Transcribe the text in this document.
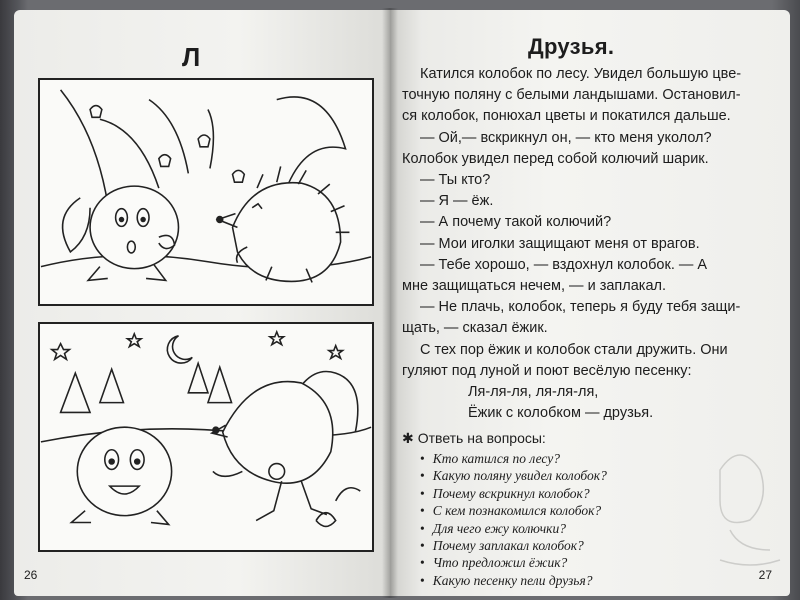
Л
26
Друзья.

Катился колобок по лесу. Увидел большую цве-

точную поляну с белыми ландышами. Остановил-

ся колобок, понюхал цветы и покатился дальше.

— Ой,— вскрикнул он, — кто меня уколол?

Колобок увидел перед собой колючий шарик.

— Ты кто?

— Я — ёж.

— А почему такой колючий?

— Мои иголки защищают меня от врагов.

— Тебе хорошо, — вздохнул колобок. — А

мне защищаться нечем, — и заплакал.

— Не плачь, колобок, теперь я буду тебя защи-

щать, — сказал ёжик.

С тех пор ёжик и колобок стали дружить. Они

гуляют под луной и поют весёлую песенку:

Ля-ля-ля, ля-ля-ля,

Ёжик с колобком — друзья.

✱ Ответь на вопросы:
• Кто катился по лесу?
• Какую поляну увидел колобок?
• Почему вскрикнул колобок?
• С кем познакомился колобок?
• Для чего ежу колючки?
• Почему заплакал колобок?
• Что предложил ёжик?
• Какую песенку пели друзья?	27
